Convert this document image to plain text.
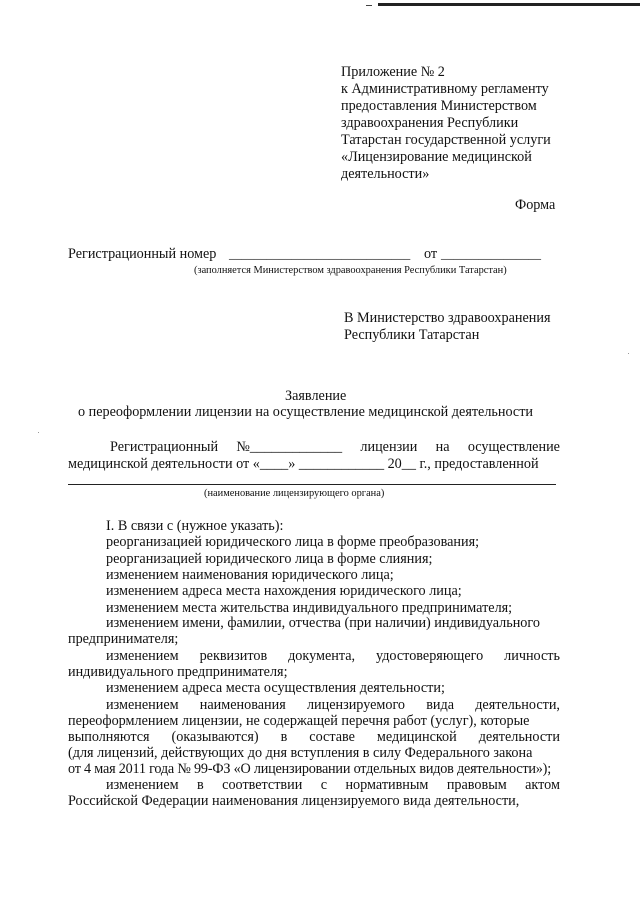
Приложение № 2
к Административному регламенту
предоставления Министерством
здравоохранения Республики
Татарстан государственной услуги
«Лицензирование медицинской
деятельности»
Форма
Регистрационный номер _____________________________ от ________________
(заполняется Министерством здравоохранения Республики Татарстан)
В Министерство здравоохранения
Республики Татарстан
Заявление
о переоформлении лицензии на осуществление медицинской деятельности
Регистрационный №_____________ лицензии на осуществление
медицинской деятельности от «____» ____________ 20__ г., предоставленной
(наименование лицензирующего органа)
I. В связи с (нужное указать):
реорганизацией юридического лица в форме преобразования;
реорганизацией юридического лица в форме слияния;
изменением наименования юридического лица;
изменением адреса места нахождения юридического лица;
изменением места жительства индивидуального предпринимателя;
изменением имени, фамилии, отчества (при наличии) индивидуального
предпринимателя;
изменением реквизитов документа, удостоверяющего личность
индивидуального предпринимателя;
изменением адреса места осуществления деятельности;
изменением наименования лицензируемого вида деятельности,
переоформлением лицензии, не содержащей перечня работ (услуг), которые
выполняются (оказываются) в составе медицинской деятельности
(для лицензий, действующих до дня вступления в силу Федерального закона
от 4 мая 2011 года № 99-ФЗ «О лицензировании отдельных видов деятельности»);
изменением в соответствии с нормативным правовым актом
Российской Федерации наименования лицензируемого вида деятельности,
